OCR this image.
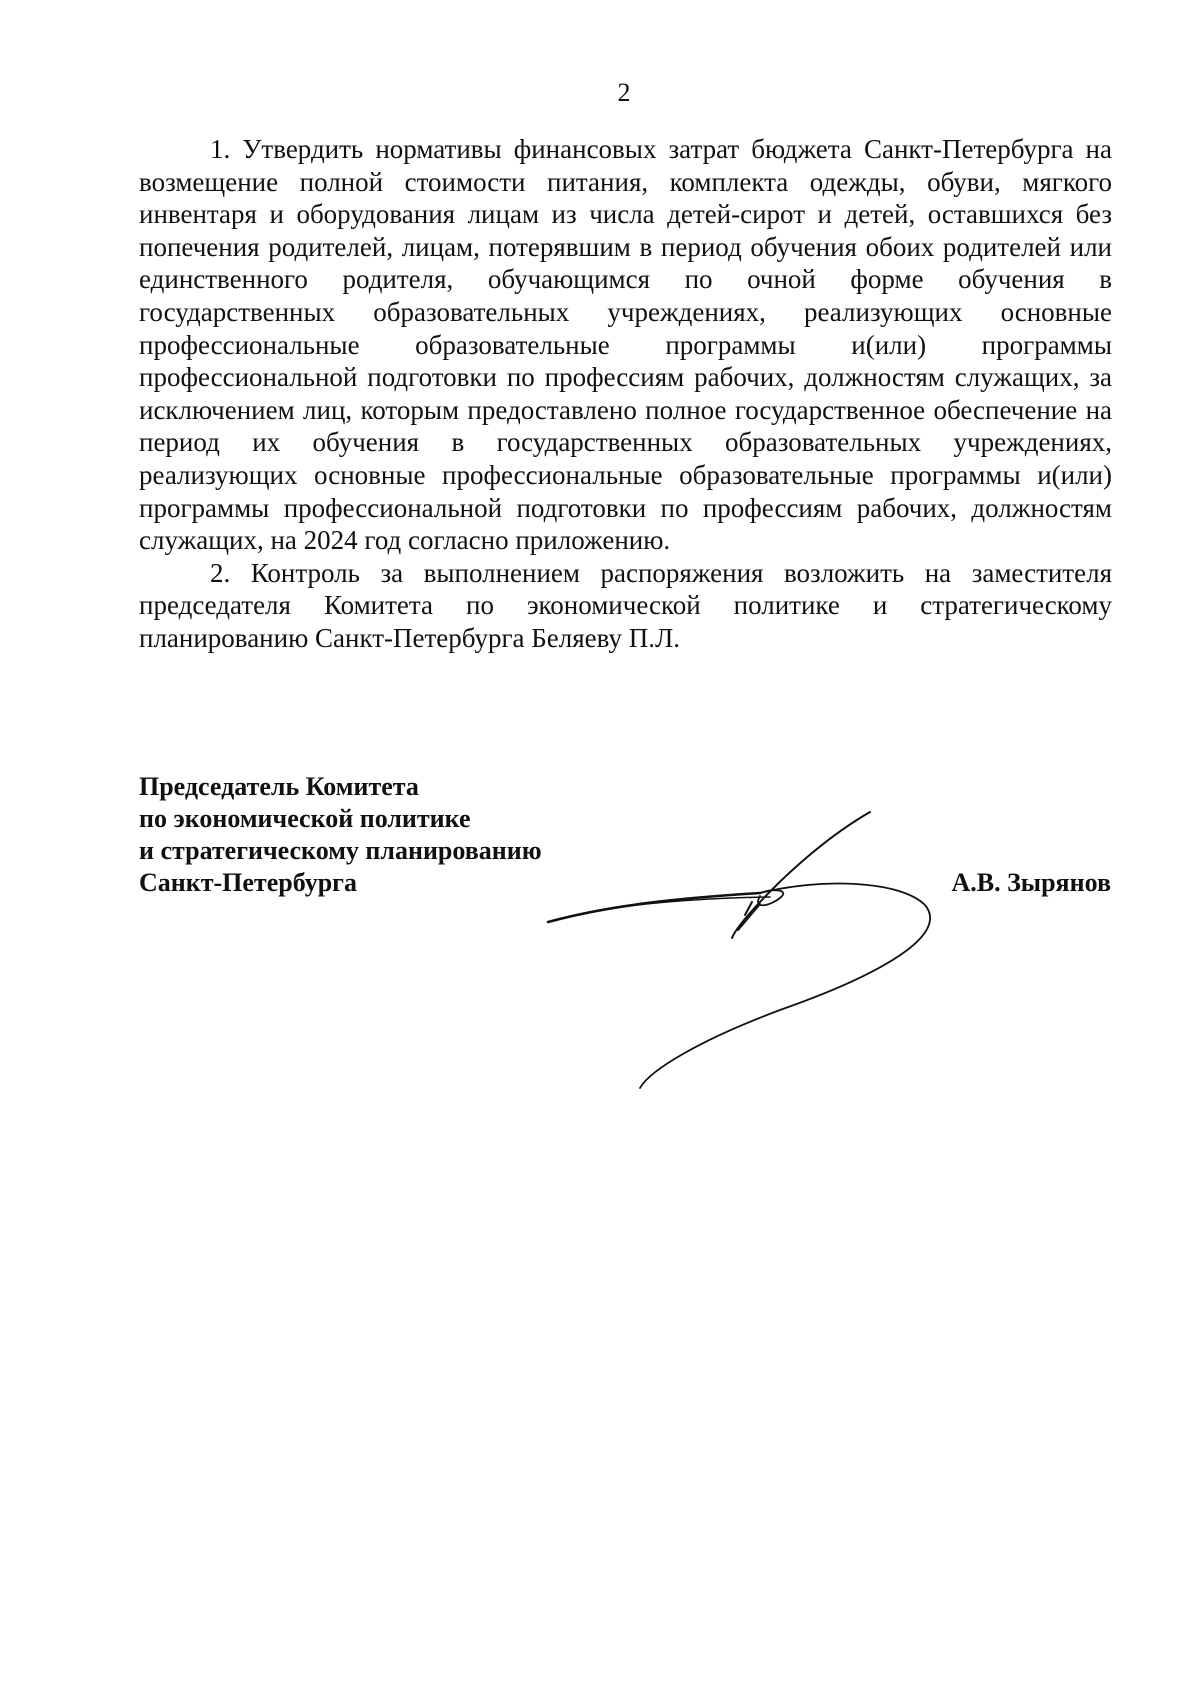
2

1. Утвердить нормативы финансовых затрат бюджета Санкт-Петербурга на возмещение полной стоимости питания, комплекта одежды, обуви, мягкого инвентаря и оборудования лицам из числа детей-сирот и детей, оставшихся без попечения родителей, лицам, потерявшим в период обучения обоих родителей или единственного родителя, обучающимся по очной форме обучения в государственных образовательных учреждениях, реализующих основные профессиональные образовательные программы и(или) программы профессиональной подготовки по профессиям рабочих, должностям служащих, за исключением лиц, которым предоставлено полное государственное обеспечение на период их обучения в государственных образовательных учреждениях, реализующих основные профессиональные образовательные программы и(или) программы профессиональной подготовки по профессиям рабочих, должностям служащих, на 2024 год согласно приложению.

2. Контроль за выполнением распоряжения возложить на заместителя председателя Комитета по экономической политике и стратегическому планированию Санкт-Петербурга Беляеву П.Л.

Председатель Комитета

по экономической политике

и стратегическому планированию

Санкт-Петербурга	А.В. Зырянов
